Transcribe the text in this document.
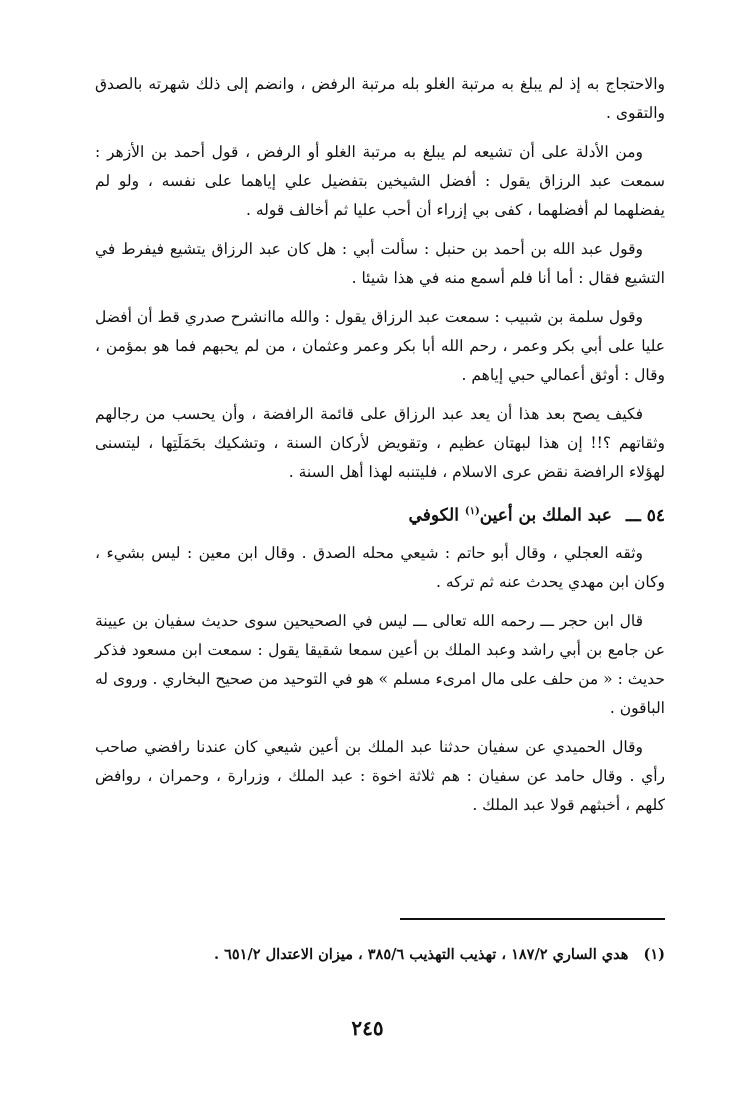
والاحتجاج به إذ لم يبلغ به مرتبة الغلو بله مرتبة الرفض ، وانضم إلى ذلك شهرته بالصدق والتقوى .

ومن الأدلة على أن تشيعه لم يبلغ به مرتبة الغلو أو الرفض ، قول أحمد بن الأزهر : سمعت عبد الرزاق يقول : أفضل الشيخين بتفضيل علي إياهما على نفسه ، ولو لم يفضلهما لم أفضلهما ، كفى بي إزراء أن أحب عليا ثم أخالف قوله .

وقول عبد الله بن أحمد بن حنبل : سألت أبي : هل كان عبد الرزاق يتشيع فيفرط في التشيع فقال : أما أنا فلم أسمع منه في هذا شيئا .

وقول سلمة بن شبيب : سمعت عبد الرزاق يقول : والله ماانشرح صدري قط أن أفضل عليا على أبي بكر وعمر ، رحم الله أبا بكر وعمر وعثمان ، من لم يحبهم فما هو بمؤمن ، وقال : أوثق أعمالي حبي إياهم .

فكيف يصح بعد هذا أن يعد عبد الرزاق على قائمة الرافضة ، وأن يحسب من رجالهم وثقاتهم ؟!! إن هذا لبهتان عظيم ، وتقويض لأركان السنة ، وتشكيك بحَمَلَتِها ، ليتسنى لهؤلاء الرافضة نقض عرى الاسلام ، فليتنبه لهذا أهل السنة .

٥٤ ـــ عبد الملك بن أعين$^{(١)}$ الكوفي

وثقه العجلي ، وقال أبو حاتم : شيعي محله الصدق . وقال ابن معين : ليس بشيء ، وكان ابن مهدي يحدث عنه ثم تركه .

قال ابن حجر ـــ رحمه الله تعالى ـــ ليس في الصحيحين سوى حديث سفيان بن عيينة عن جامع بن أبي راشد وعبد الملك بن أعين سمعا شقيقا يقول : سمعت ابن مسعود فذكر حديث : « من حلف على مال امرىء مسلم » هو في التوحيد من صحيح البخاري . وروى له الباقون .

وقال الحميدي عن سفيان حدثنا عبد الملك بن أعين شيعي كان عندنا رافضي صاحب رأي . وقال حامد عن سفيان : هم ثلاثة اخوة : عبد الملك ، وزرارة ، وحمران ، روافض كلهم ، أخبثهم قولا عبد الملك .

(١) هدي الساري ١٨٧/٢ ، تهذيب التهذيب ٣٨٥/٦ ، ميزان الاعتدال ٦٥١/٢ .
٢٤٥
